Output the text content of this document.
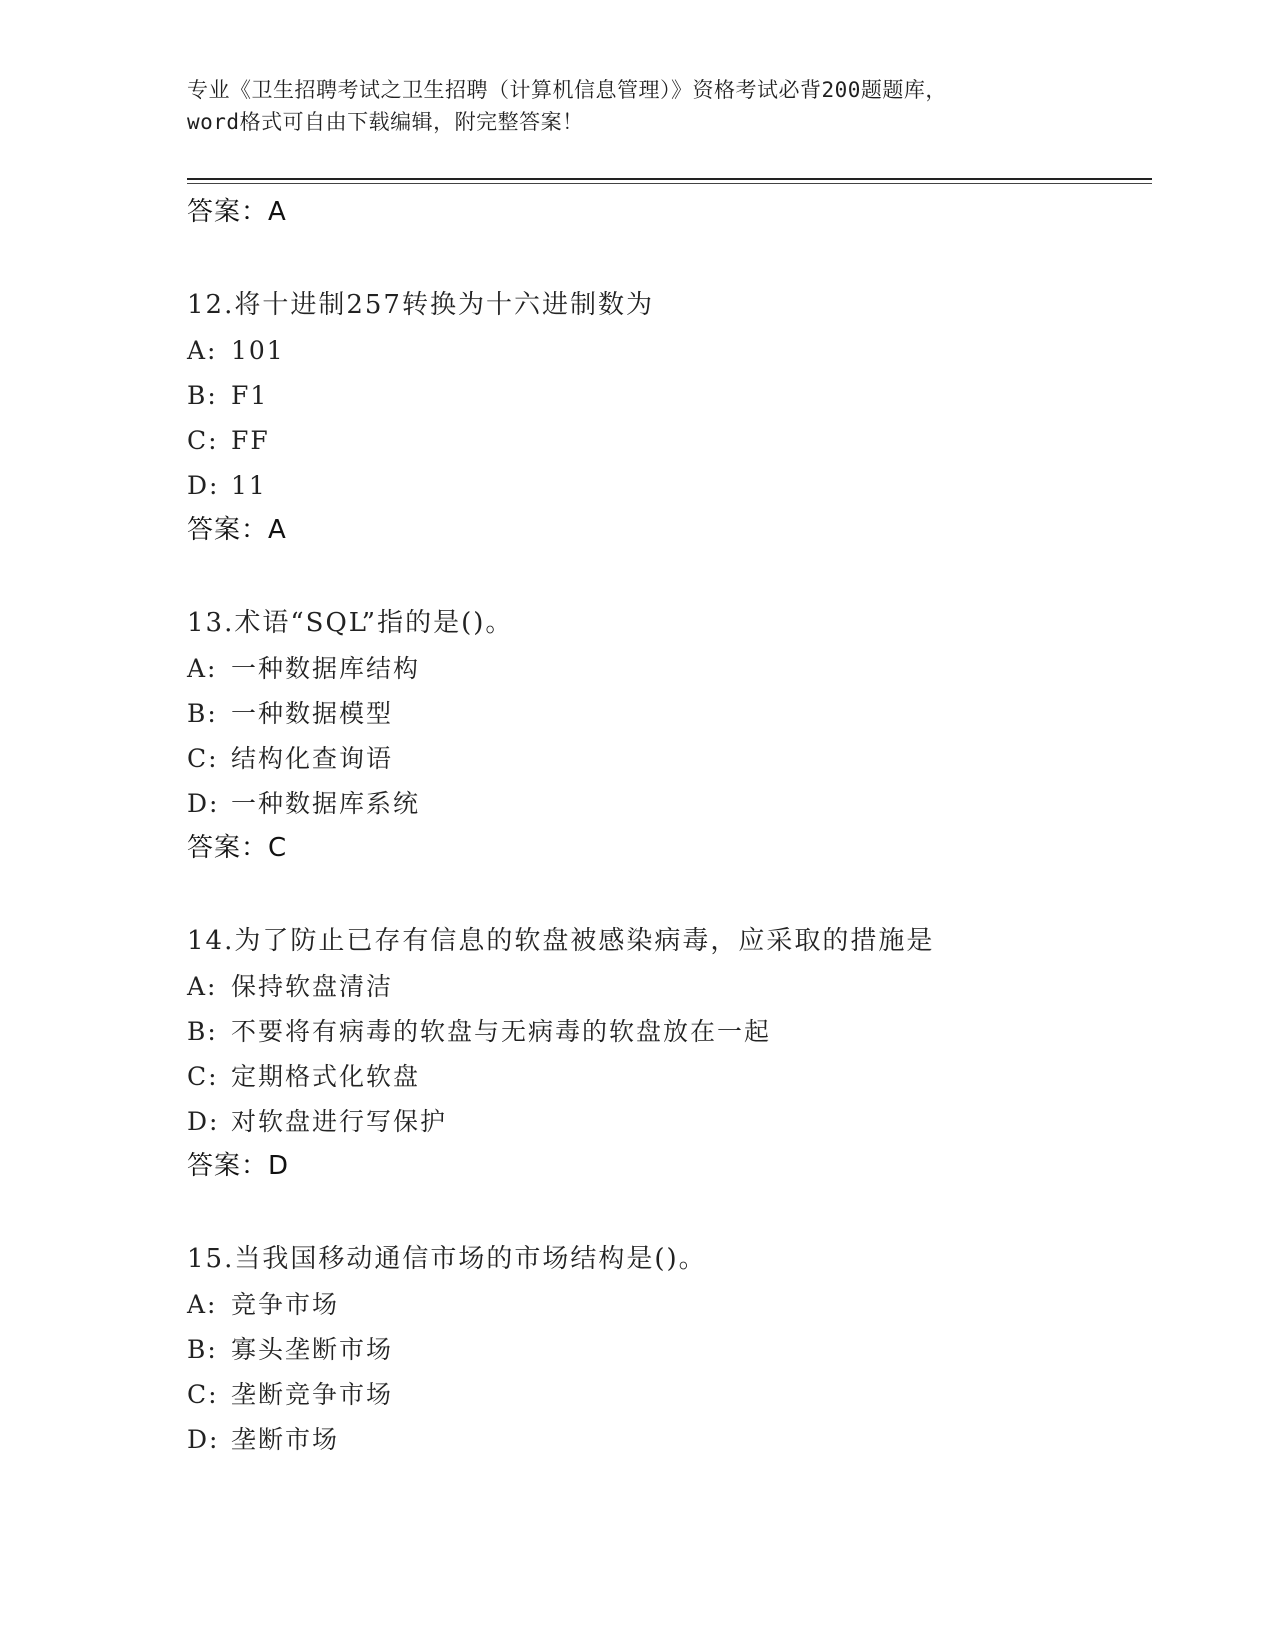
专业《卫生招聘考试之卫生招聘（计算机信息管理）》资格考试必背200题题库，
word格式可自由下载编辑，附完整答案！
答案：A
12.将十进制257转换为十六进制数为
A: 101
B: F1
C: FF
D: 11
答案：A
13.术语“SQL”指的是()。
A: 一种数据库结构
B: 一种数据模型
C: 结构化查询语
D: 一种数据库系统
答案：C
14.为了防止已存有信息的软盘被感染病毒，应采取的措施是
A: 保持软盘清洁
B: 不要将有病毒的软盘与无病毒的软盘放在一起
C: 定期格式化软盘
D: 对软盘进行写保护
答案：D
15.当我国移动通信市场的市场结构是()。
A: 竞争市场
B: 寡头垄断市场
C: 垄断竞争市场
D: 垄断市场
